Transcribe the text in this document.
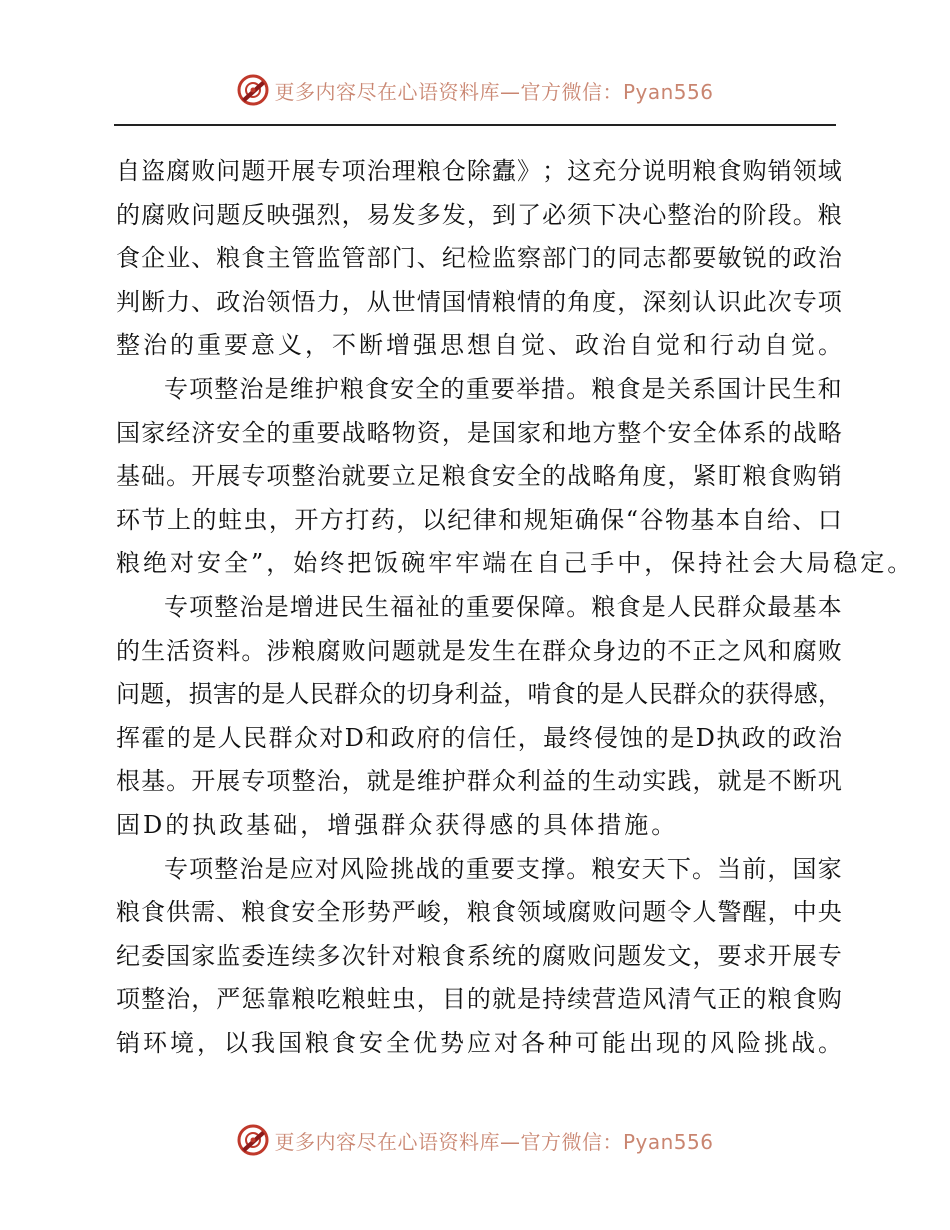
更多内容尽在心语资料库—官方微信：Pyan556
自 盗 腐 败 问 题 开 展 专 项 治 理 粮 仓 除 蠹 》 ； 这 充 分 说 明 粮 食 购 销 领 域
的 腐 败 问 题 反 映 强 烈 ， 易 发 多 发 ， 到 了 必 须 下 决 心 整 治 的 阶 段 。 粮
食 企 业 、 粮 食 主 管 监 管 部 门 、 纪 检 监 察 部 门 的 同 志 都 要 敏 锐 的 政 治
判 断 力 、 政 治 领 悟 力 ， 从 世 情 国 情 粮 情 的 角 度 ， 深 刻 认 识 此 次 专 项
整治的重要意义，不断增强思想自觉、政治自觉和行动自觉。
专 项 整 治 是 维 护 粮 食 安 全 的 重 要 举 措 。 粮 食 是 关 系 国 计 民 生 和
国 家 经 济 安 全 的 重 要 战 略 物 资 ， 是 国 家 和 地 方 整 个 安 全 体 系 的 战 略
基 础 。 开 展 专 项 整 治 就 要 立 足 粮 食 安 全 的 战 略 角 度 ， 紧 盯 粮 食 购 销
环 节 上 的 蛀 虫 ， 开 方 打 药 ， 以 纪 律 和 规 矩 确 保 “ 谷 物 基 本 自 给 、 口
粮绝对安全”，始终把饭碗牢牢端在自己手中，保持社会大局稳定。
专 项 整 治 是 增 进 民 生 福 祉 的 重 要 保 障 。 粮 食 是 人 民 群 众 最 基 本
的 生 活 资 料 。 涉 粮 腐 败 问 题 就 是 发 生 在 群 众 身 边 的 不 正 之 风 和 腐 败
问 题 ， 损 害 的 是 人 民 群 众 的 切 身 利 益 ， 啃 食 的 是 人 民 群 众 的 获 得 感 ，
挥 霍 的 是 人 民 群 众 对 D 和 政 府 的 信 任 ， 最 终 侵 蚀 的 是 D 执 政 的 政 治
根 基 。 开 展 专 项 整 治 ， 就 是 维 护 群 众 利 益 的 生 动 实 践 ， 就 是 不 断 巩
固D的执政基础，增强群众获得感的具体措施。
专 项 整 治 是 应 对 风 险 挑 战 的 重 要 支 撑 。 粮 安 天 下 。 当 前 ， 国 家
粮 食 供 需 、 粮 食 安 全 形 势 严 峻 ， 粮 食 领 域 腐 败 问 题 令 人 警 醒 ， 中 央
纪 委 国 家 监 委 连 续 多 次 针 对 粮 食 系 统 的 腐 败 问 题 发 文 ， 要 求 开 展 专
项 整 治 ， 严 惩 靠 粮 吃 粮 蛀 虫 ， 目 的 就 是 持 续 营 造 风 清 气 正 的 粮 食 购
销环境，以我国粮食安全优势应对各种可能出现的风险挑战。
更多内容尽在心语资料库—官方微信：Pyan556
